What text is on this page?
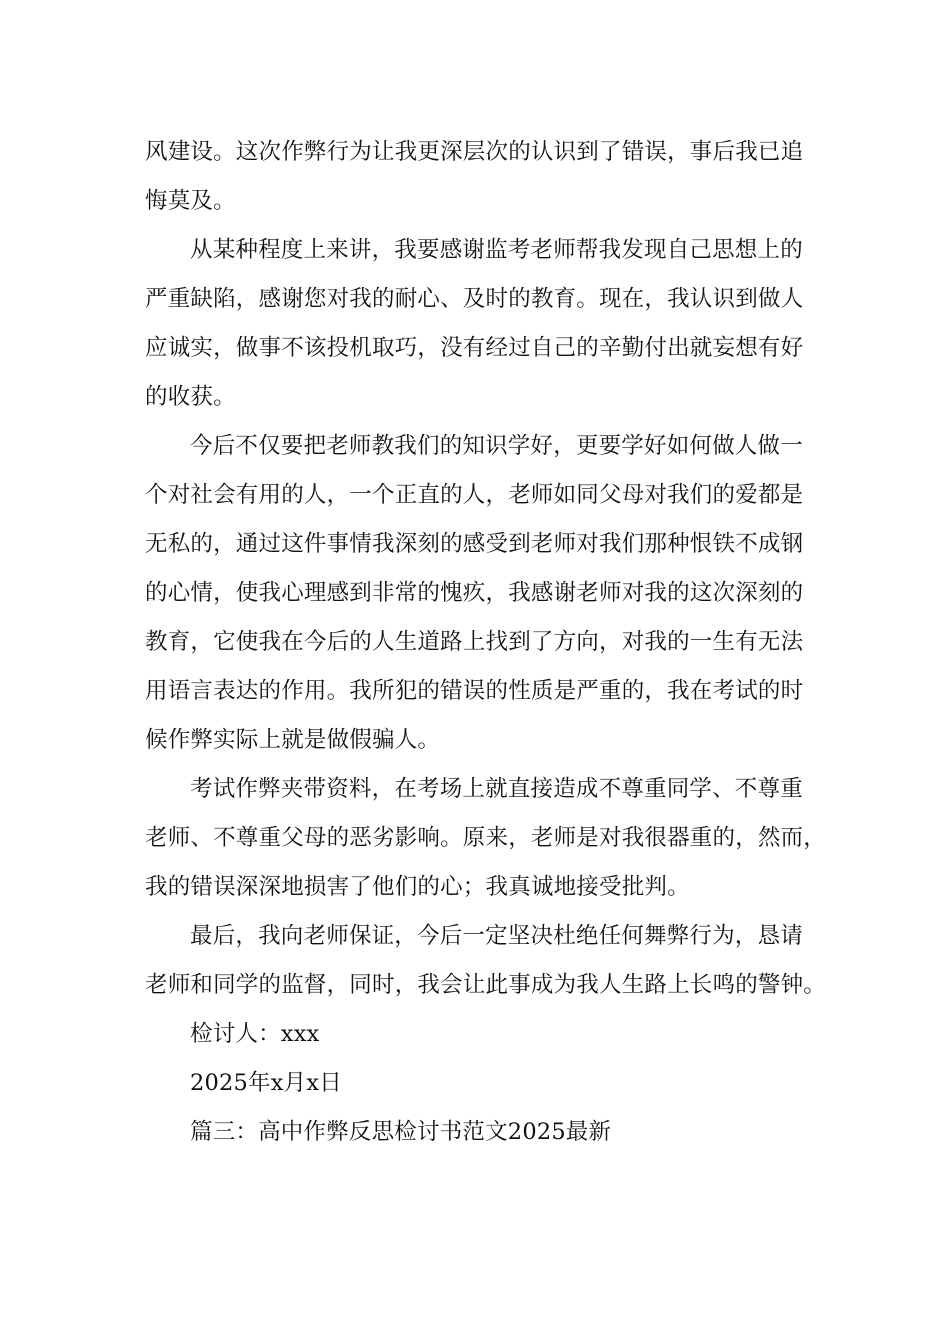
风建设。这次作弊行为让我更深层次的认识到了错误，事后我已追
悔莫及。
从某种程度上来讲，我要感谢监考老师帮我发现自己思想上的
严重缺陷，感谢您对我的耐心、及时的教育。现在，我认识到做人
应诚实，做事不该投机取巧，没有经过自己的辛勤付出就妄想有好
的收获。
今后不仅要把老师教我们的知识学好，更要学好如何做人做一
个对社会有用的人，一个正直的人，老师如同父母对我们的爱都是
无私的，通过这件事情我深刻的感受到老师对我们那种恨铁不成钢
的心情，使我心理感到非常的愧疚，我感谢老师对我的这次深刻的
教育，它使我在今后的人生道路上找到了方向，对我的一生有无法
用语言表达的作用。我所犯的错误的性质是严重的，我在考试的时
候作弊实际上就是做假骗人。
考试作弊夹带资料，在考场上就直接造成不尊重同学、不尊重
老师、不尊重父母的恶劣影响。原来，老师是对我很器重的，然而，
我的错误深深地损害了他们的心；我真诚地接受批判。
最后，我向老师保证，今后一定坚决杜绝任何舞弊行为，恳请
老师和同学的监督，同时，我会让此事成为我人生路上长鸣的警钟。
检讨人：xxx
2025年x月x日
篇三：高中作弊反思检讨书范文2025最新
